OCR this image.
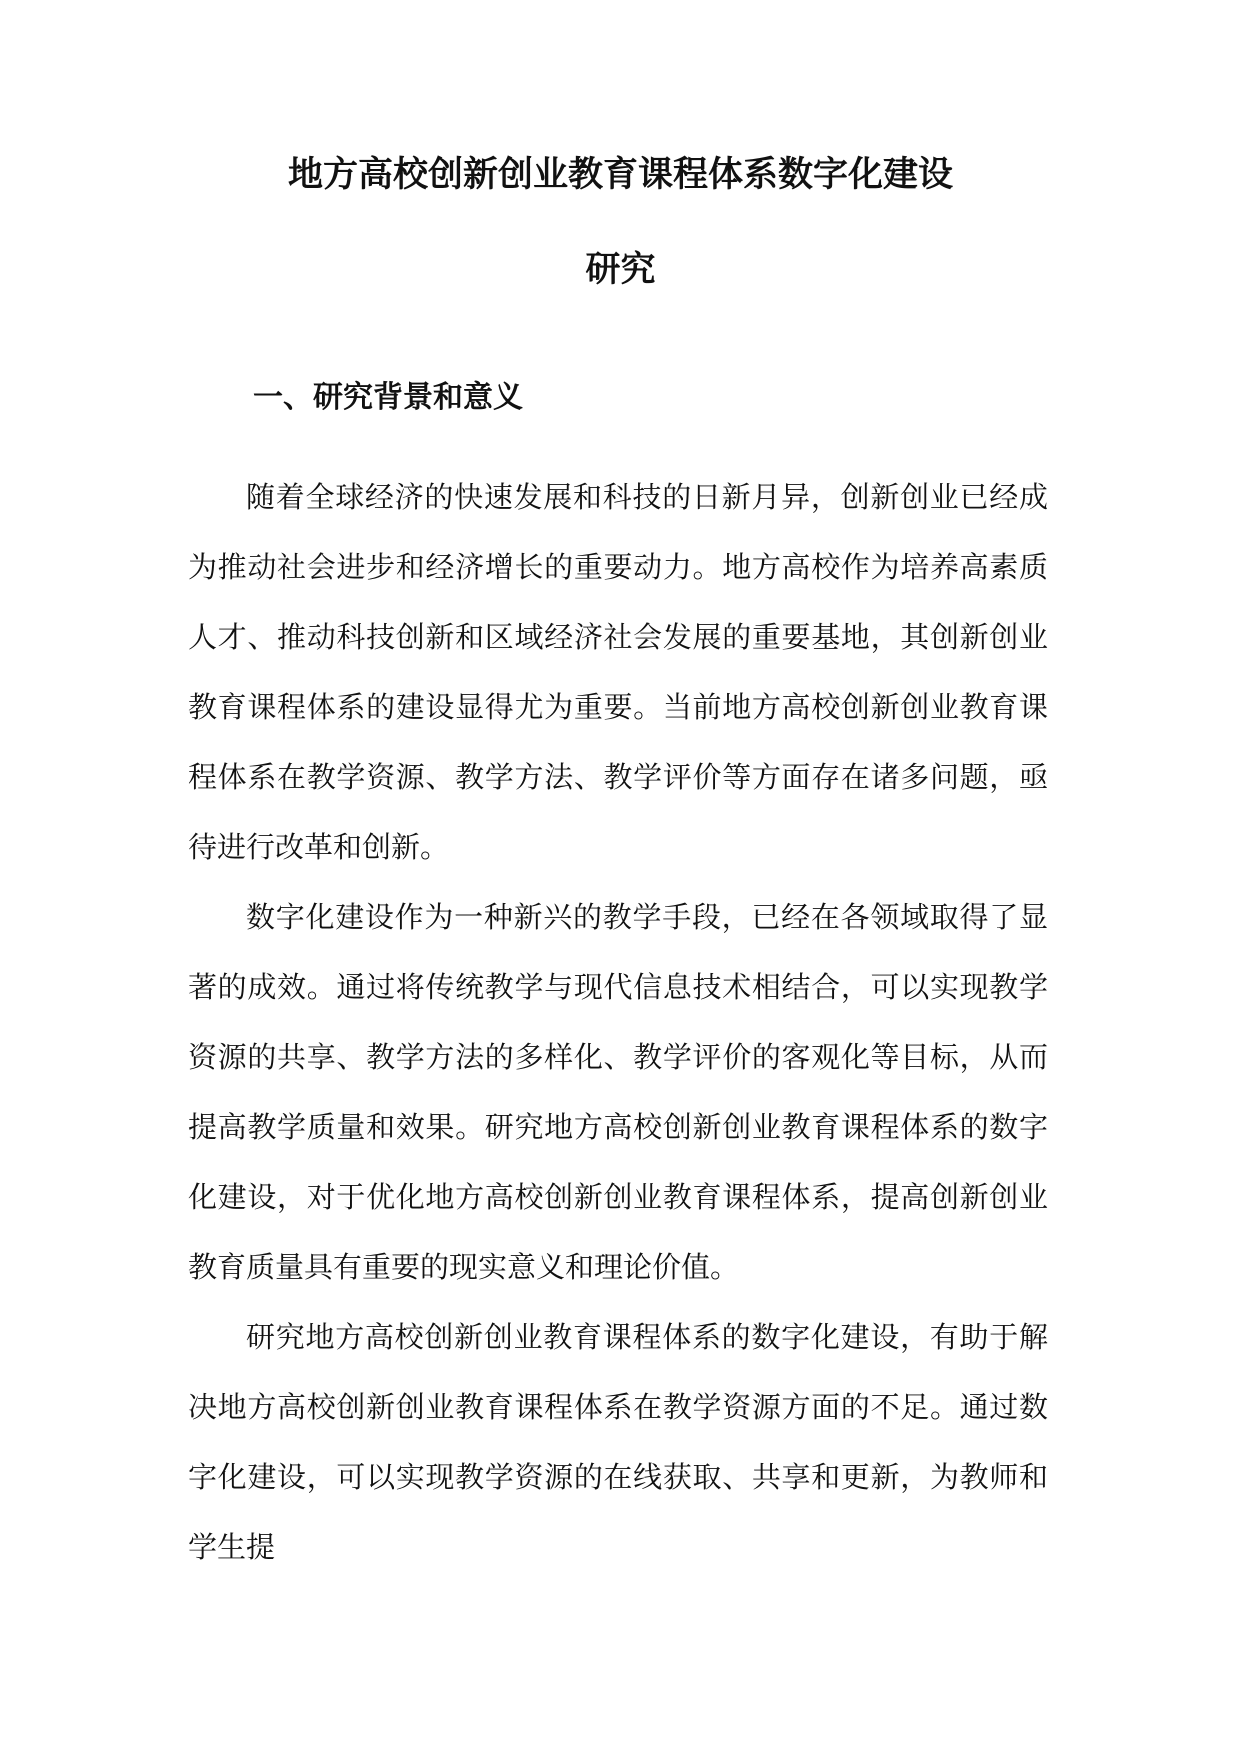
地方高校创新创业教育课程体系数字化建设
研究
一、研究背景和意义

随着全球经济的快速发展和科技的日新月异，创新创业已经成为推动社会进步和经济增长的重要动力。地方高校作为培养高素质人才、推动科技创新和区域经济社会发展的重要基地，其创新创业教育课程体系的建设显得尤为重要。当前地方高校创新创业教育课程体系在教学资源、教学方法、教学评价等方面存在诸多问题，亟待进行改革和创新。

数字化建设作为一种新兴的教学手段，已经在各领域取得了显著的成效。通过将传统教学与现代信息技术相结合，可以实现教学资源的共享、教学方法的多样化、教学评价的客观化等目标，从而提高教学质量和效果。研究地方高校创新创业教育课程体系的数字化建设，对于优化地方高校创新创业教育课程体系，提高创新创业教育质量具有重要的现实意义和理论价值。

研究地方高校创新创业教育课程体系的数字化建设，有助于解决地方高校创新创业教育课程体系在教学资源方面的不足。通过数字化建设，可以实现教学资源的在线获取、共享和更新，为教师和学生提
